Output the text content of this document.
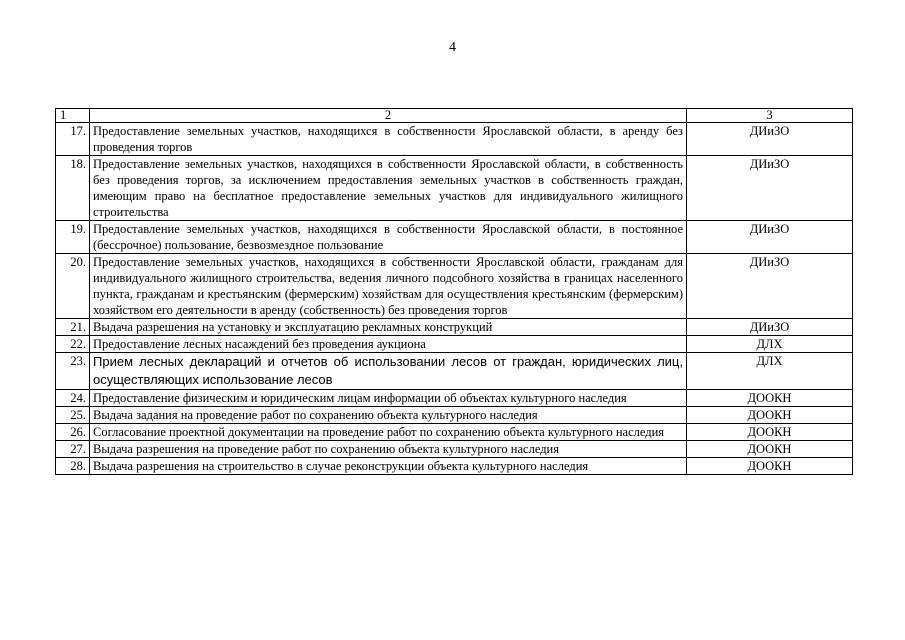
4
1	2	3
17.	Предоставление земельных участков, находящихся в собственности Ярославской области, в аренду без проведения торгов	ДИиЗО
18.	Предоставление земельных участков, находящихся в собственности Ярославской области, в собственность без проведения торгов, за исключением предоставления земельных участков в собственность граждан, имеющим право на бесплатное предоставление земельных участков для индивидуального жилищного строительства	ДИиЗО
19.	Предоставление земельных участков, находящихся в собственности Ярославской области, в постоянное (бессрочное) пользование, безвозмездное пользование	ДИиЗО
20.	Предоставление земельных участков, находящихся в собственности Ярославской области, гражданам для индивидуального жилищного строительства, ведения личного подсобного хозяйства в границах населенного пункта, гражданам и крестьянским (фермерским) хозяйствам для осуществления крестьянским (фермерским) хозяйством его деятельности в аренду (собственность) без проведения торгов	ДИиЗО
21.	Выдача разрешения на установку и эксплуатацию рекламных конструкций	ДИиЗО
22.	Предоставление лесных насаждений без проведения аукциона	ДЛХ
23.	Прием лесных деклараций и отчетов об использовании лесов от граждан, юридических лиц, осуществляющих использование лесов	ДЛХ
24.	Предоставление физическим и юридическим лицам информации об объектах культурного наследия	ДООКН
25.	Выдача задания на проведение работ по сохранению объекта культурного наследия	ДООКН
26.	Согласование проектной документации на проведение работ по сохранению объекта культурного наследия	ДООКН
27.	Выдача разрешения на проведение работ по сохранению объекта культурного наследия	ДООКН
28.	Выдача разрешения на строительство в случае реконструкции объекта культурного наследия	ДООКН
